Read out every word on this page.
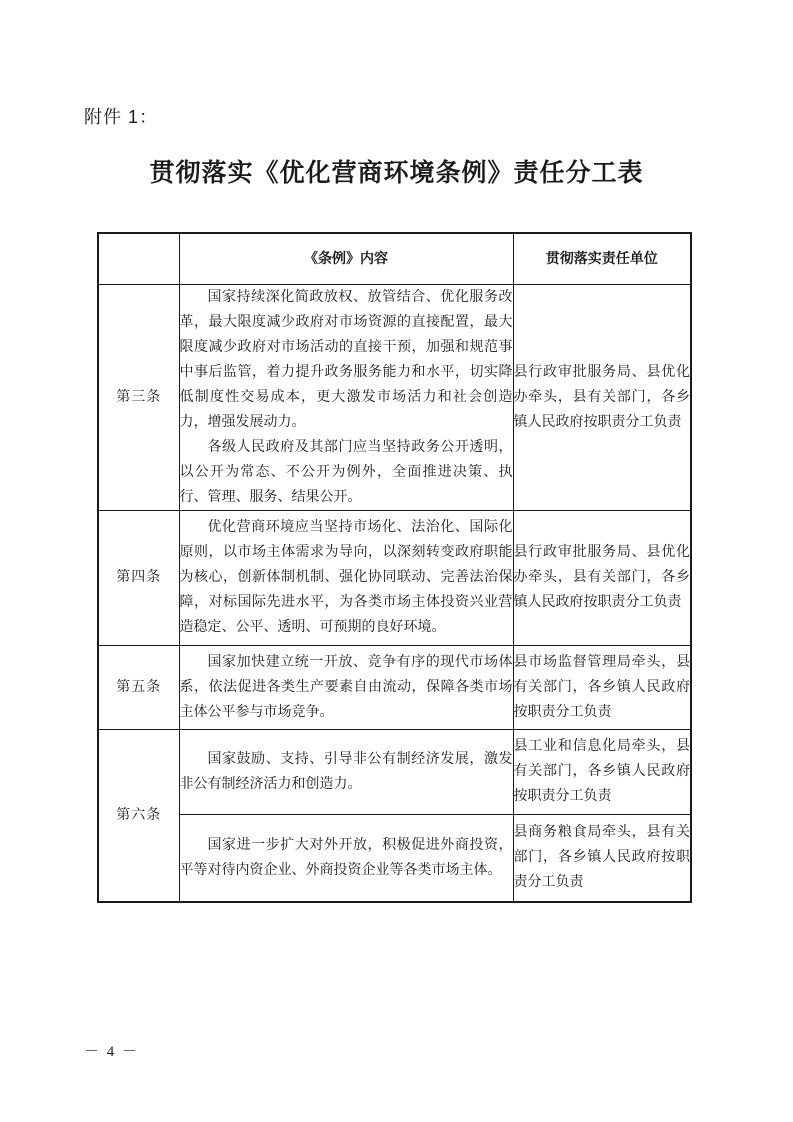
附件 1：
贯彻落实《优化营商环境条例》责任分工表
	《条例》内容	贯彻落实责任单位
第三条	国家持续深化简政放权、放管结合、优化服务改革，最大限度减少政府对市场资源的直接配置，最大限度减少政府对市场活动的直接干预，加强和规范事中事后监管，着力提升政务服务能力和水平，切实降低制度性交易成本，更大激发市场活力和社会创造力，增强发展动力。

各级人民政府及其部门应当坚持政务公开透明，以公开为常态、不公开为例外，全面推进决策、执行、管理、服务、结果公开。	县行政审批服务局、县优化办牵头，县有关部门，各乡镇人民政府按职责分工负责
第四条	优化营商环境应当坚持市场化、法治化、国际化原则，以市场主体需求为导向，以深刻转变政府职能为核心，创新体制机制、强化协同联动、完善法治保障，对标国际先进水平，为各类市场主体投资兴业营造稳定、公平、透明、可预期的良好环境。	县行政审批服务局、县优化办牵头，县有关部门，各乡镇人民政府按职责分工负责
第五条	国家加快建立统一开放、竞争有序的现代市场体系，依法促进各类生产要素自由流动，保障各类市场主体公平参与市场竞争。	县市场监督管理局牵头，县有关部门，各乡镇人民政府按职责分工负责
第六条	国家鼓励、支持、引导非公有制经济发展，激发非公有制经济活力和创造力。	县工业和信息化局牵头，县有关部门，各乡镇人民政府按职责分工负责

	国家进一步扩大对外开放，积极促进外商投资，平等对待内资企业、外商投资企业等各类市场主体。	县商务粮食局牵头，县有关部门，各乡镇人民政府按职责分工负责
－ 4 －
